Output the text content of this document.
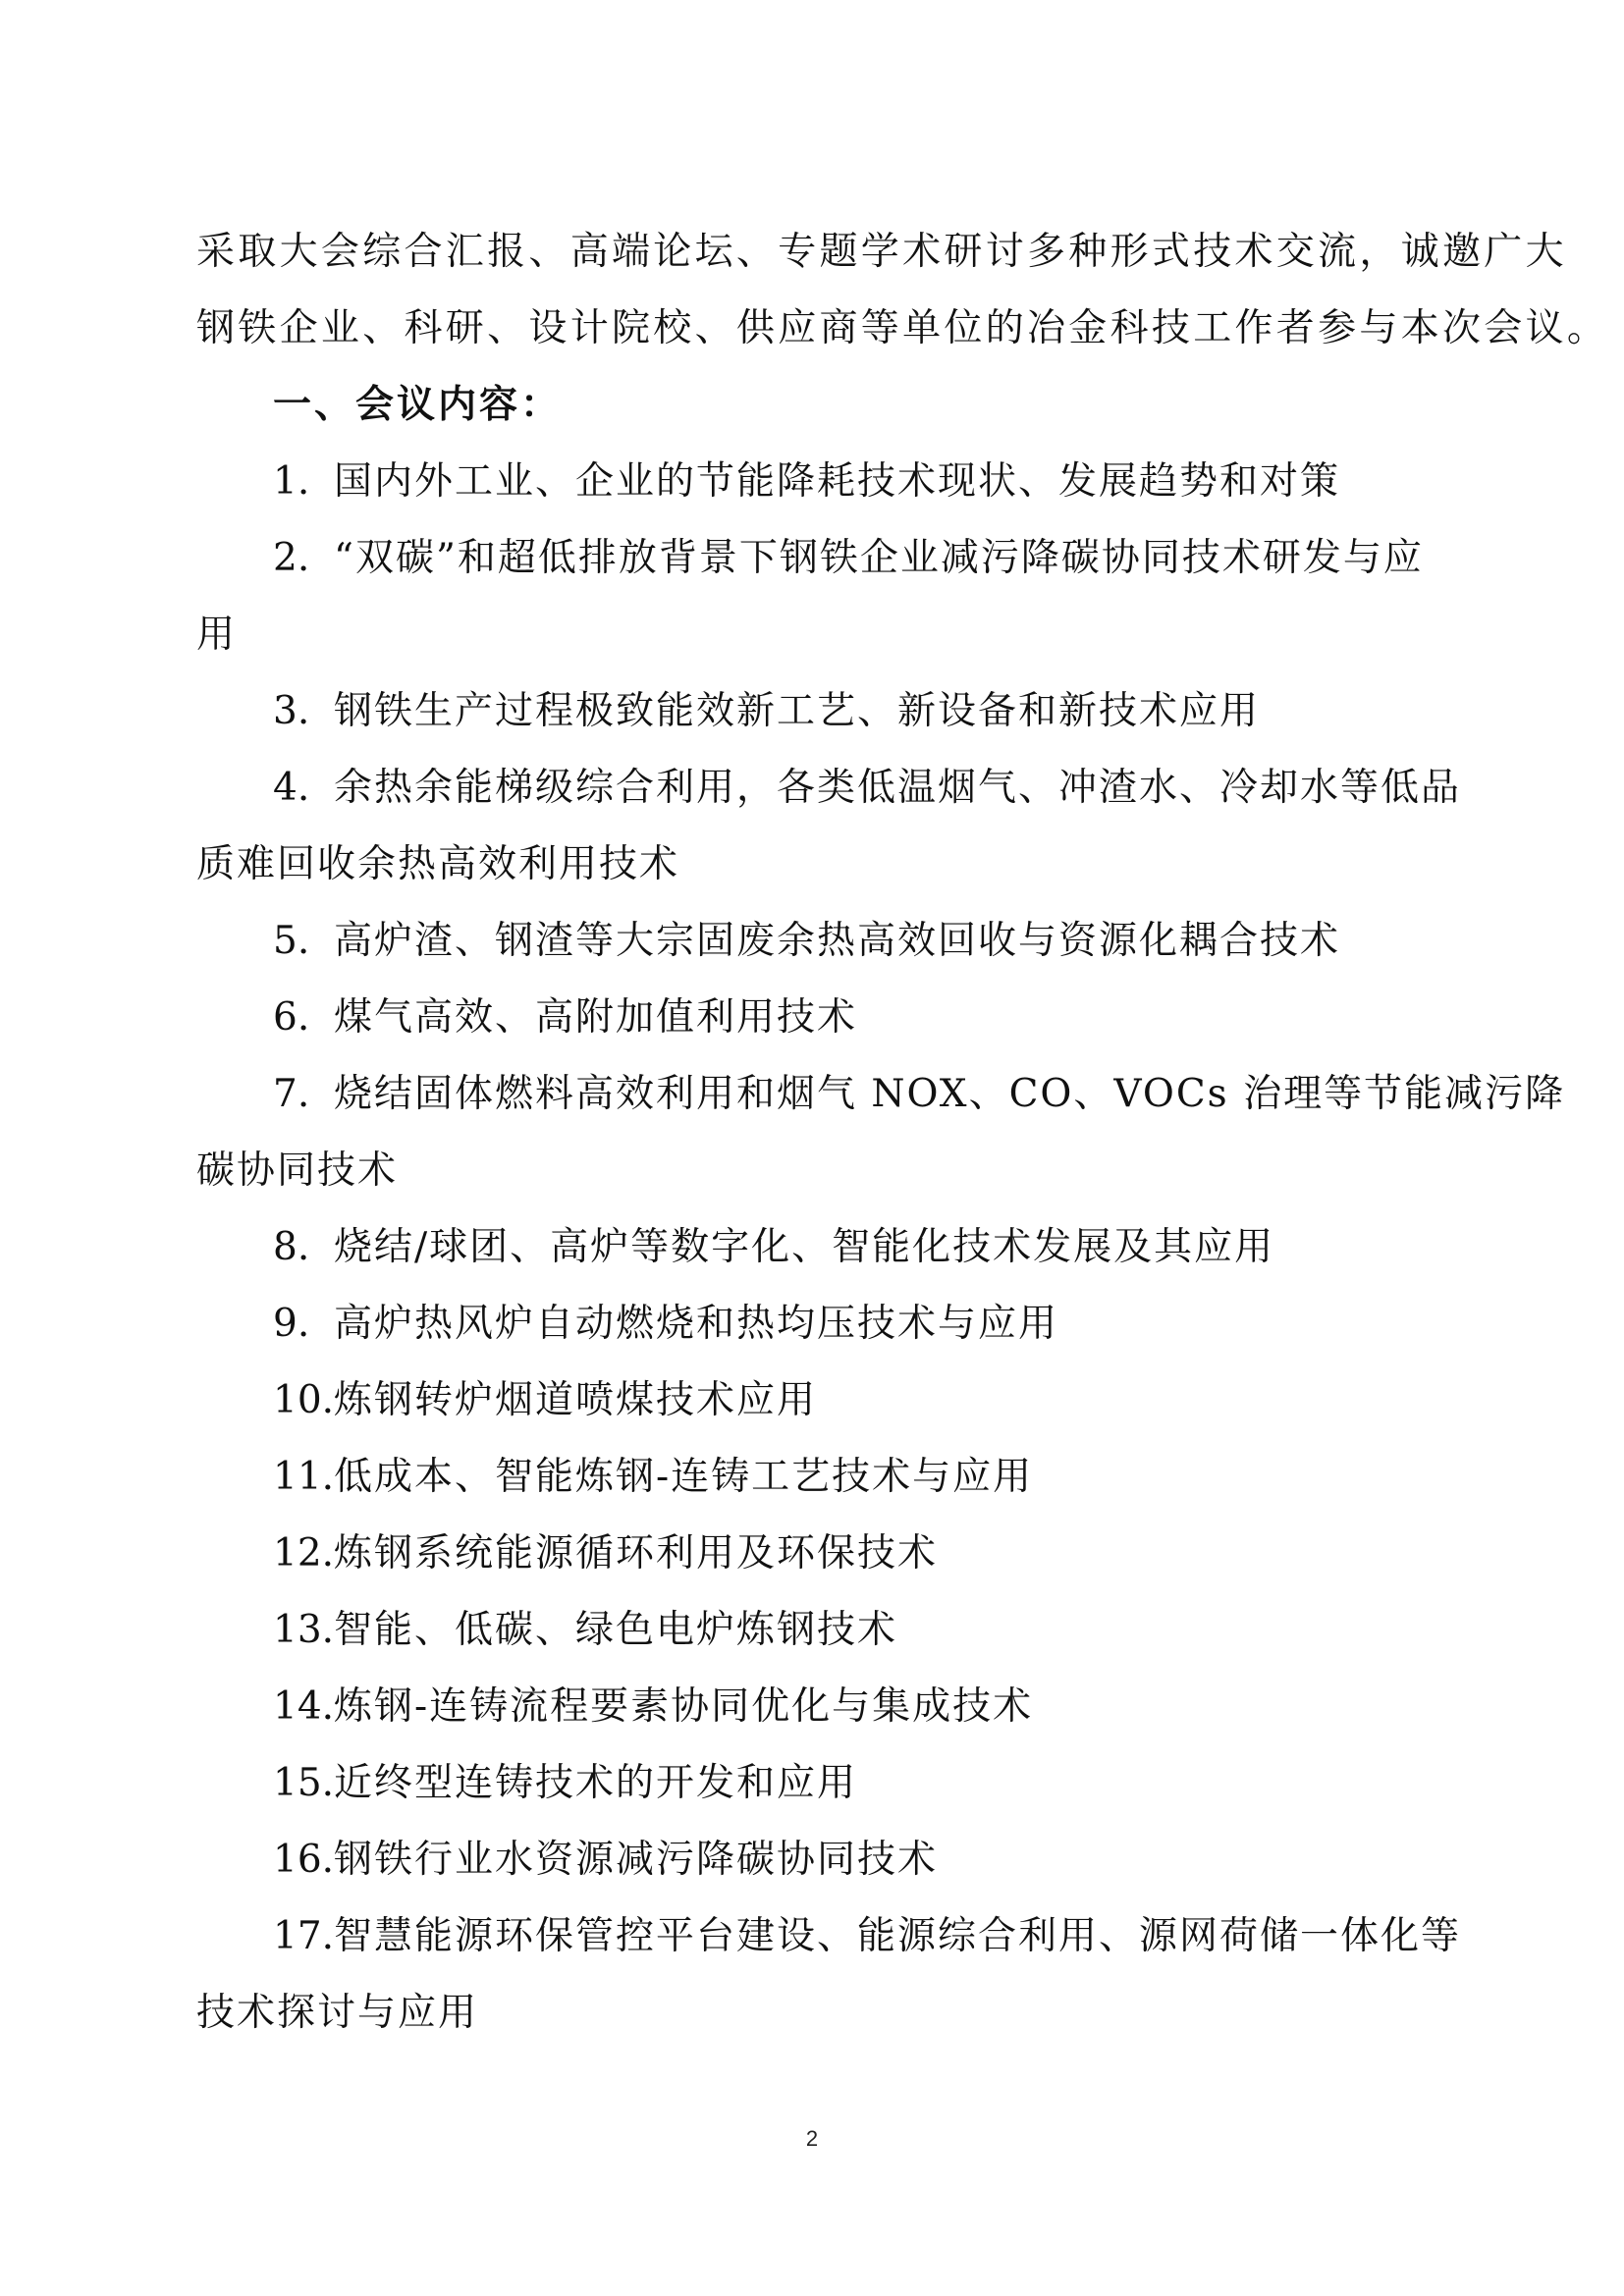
采取大会综合汇报、高端论坛、专题学术研讨多种形式技术交流，诚邀广大
钢铁企业、科研、设计院校、供应商等单位的冶金科技工作者参与本次会议。
一、会议内容：
1. 国内外工业、企业的节能降耗技术现状、发展趋势和对策
2. “双碳”和超低排放背景下钢铁企业减污降碳协同技术研发与应
用
3. 钢铁生产过程极致能效新工艺、新设备和新技术应用
4. 余热余能梯级综合利用，各类低温烟气、冲渣水、冷却水等低品
质难回收余热高效利用技术
5. 高炉渣、钢渣等大宗固废余热高效回收与资源化耦合技术
6. 煤气高效、高附加值利用技术
7. 烧结固体燃料高效利用和烟气 NOX、CO、VOCs 治理等节能减污降
碳协同技术
8. 烧结/球团、高炉等数字化、智能化技术发展及其应用
9. 高炉热风炉自动燃烧和热均压技术与应用
10.炼钢转炉烟道喷煤技术应用
11.低成本、智能炼钢-连铸工艺技术与应用
12.炼钢系统能源循环利用及环保技术
13.智能、低碳、绿色电炉炼钢技术
14.炼钢-连铸流程要素协同优化与集成技术
15.近终型连铸技术的开发和应用
16.钢铁行业水资源减污降碳协同技术
17.智慧能源环保管控平台建设、能源综合利用、源网荷储一体化等
技术探讨与应用
2
